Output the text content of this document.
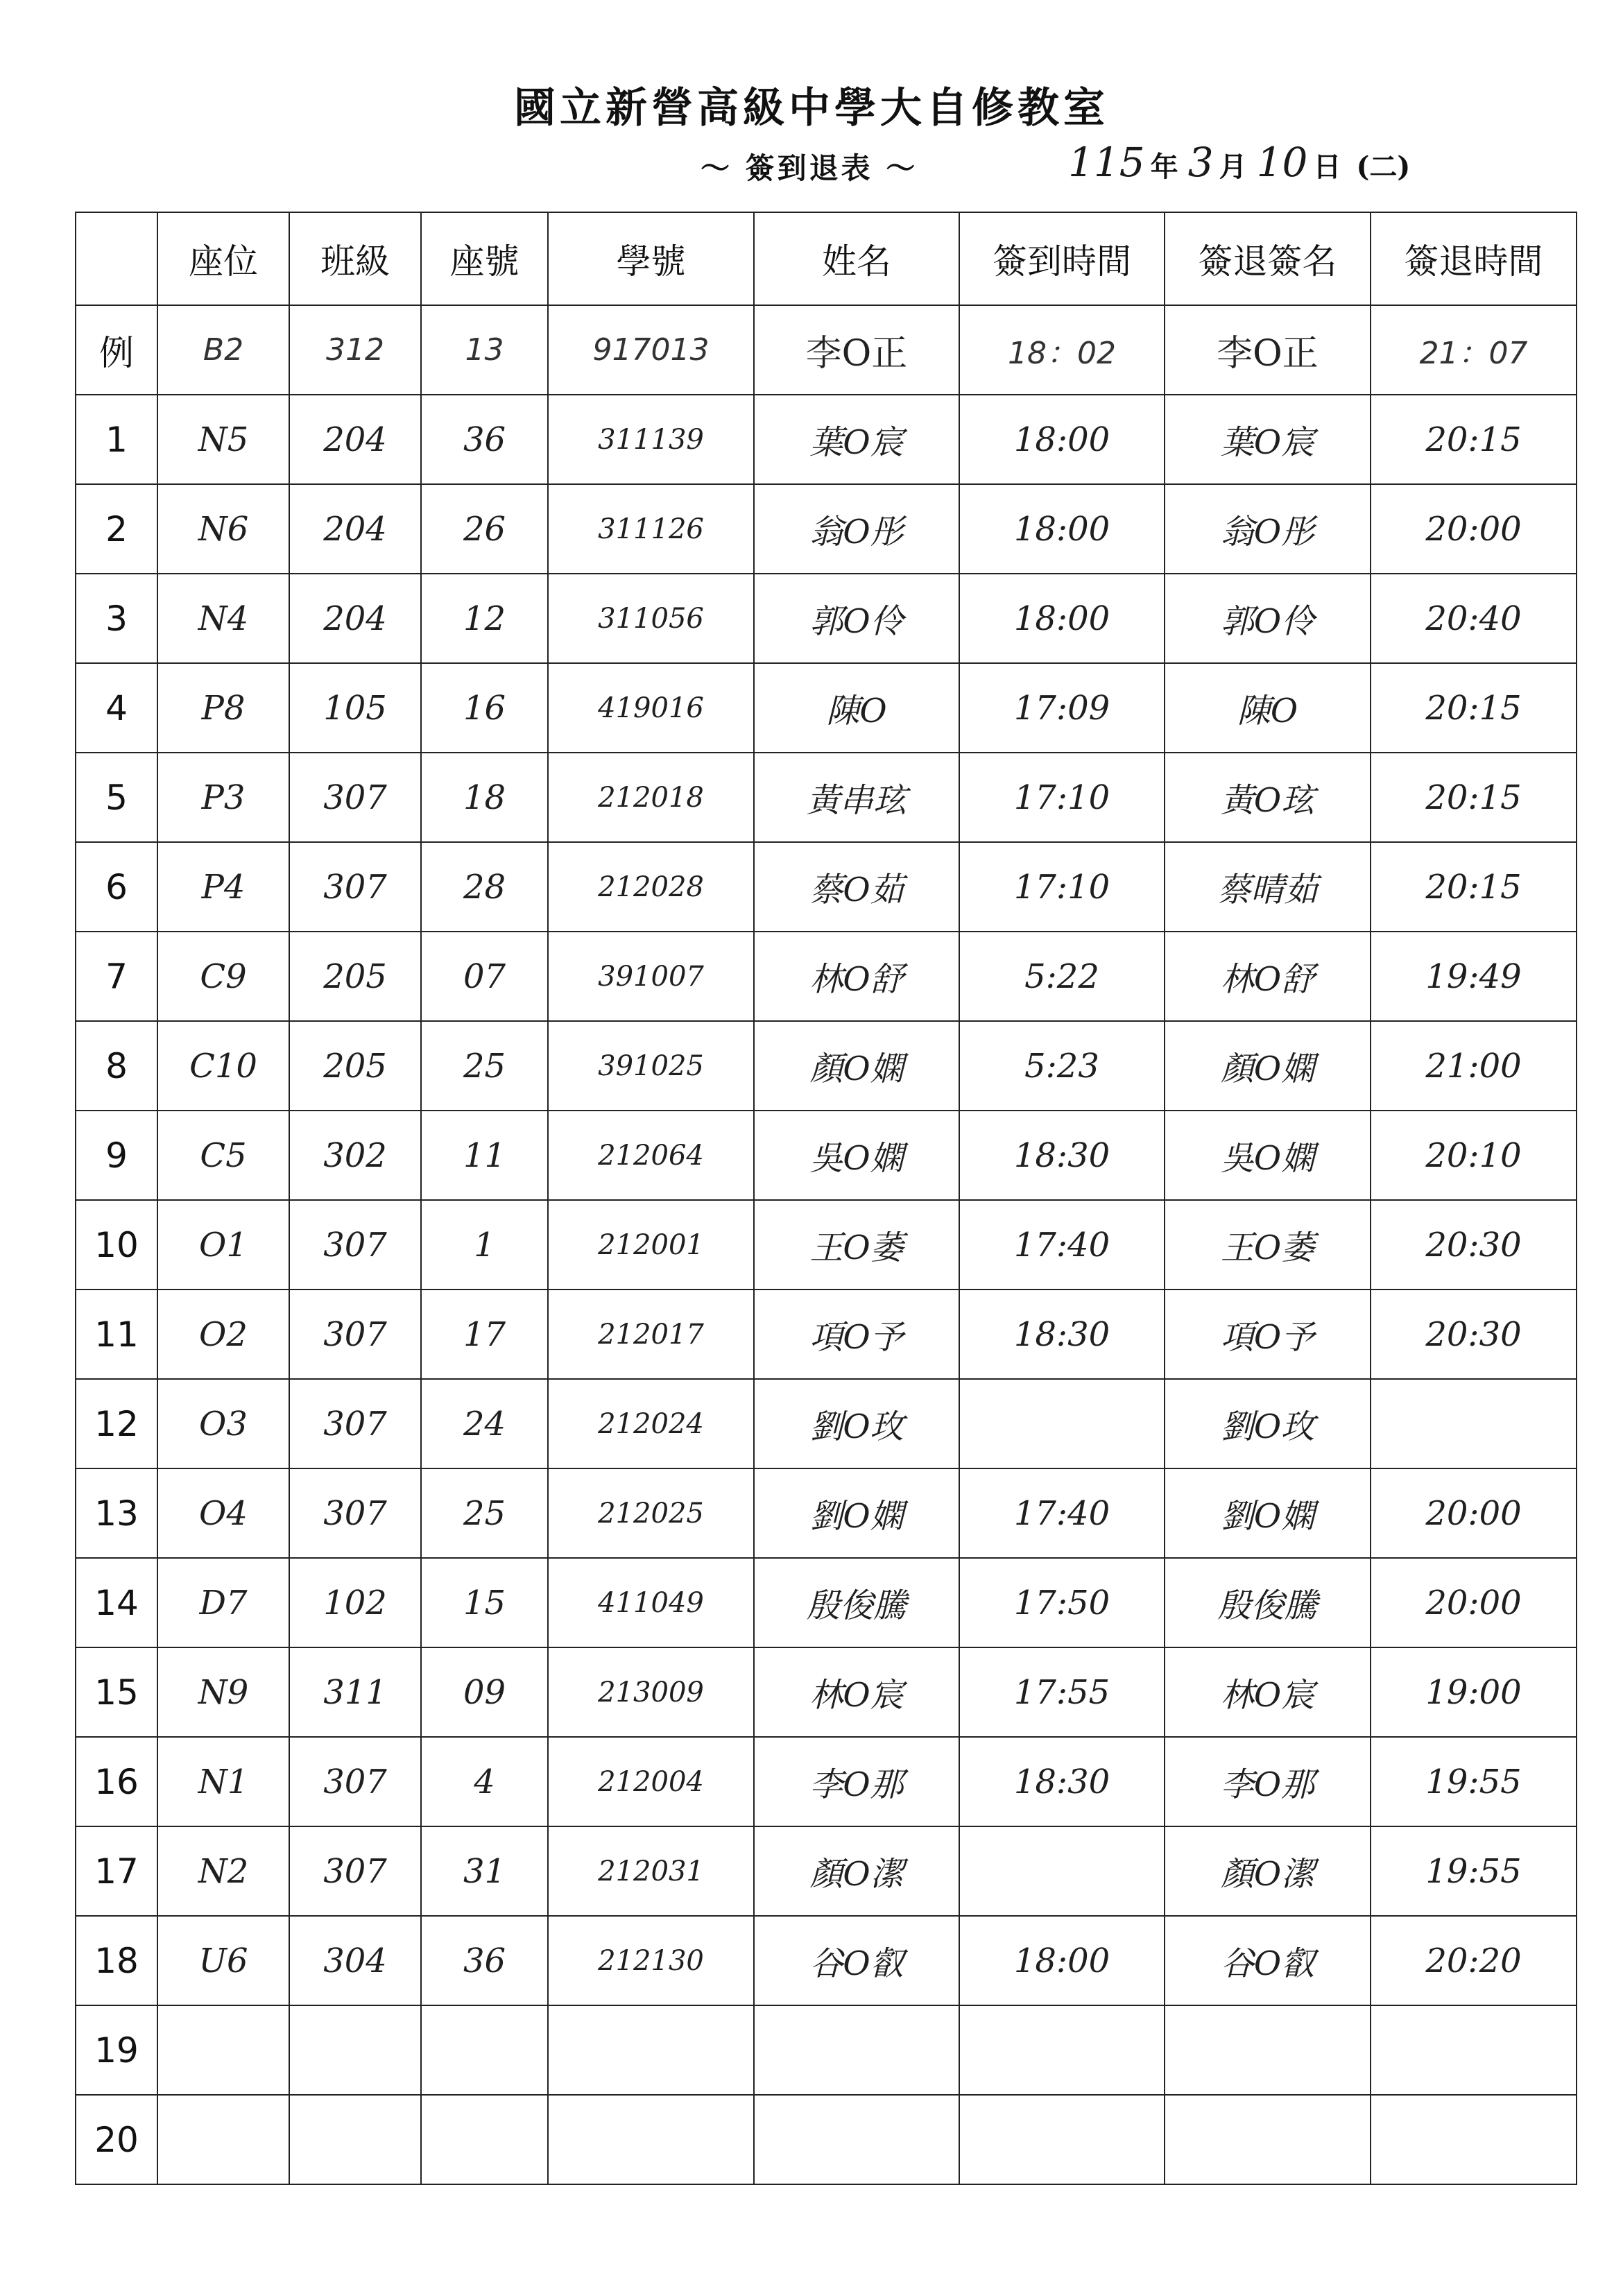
國立新營高級中學大自修教室
～ 簽到退表 ～	115 年 3 月 10 日 (二)
	座位	班級	座號	學號	姓名	簽到時間	簽退簽名	簽退時間
例	B2	312	13	917013	李O正	18：02	李O正	21：07
1	N5	204	36	311139	葉O宸	18:00	葉O宸	20:15
2	N6	204	26	311126	翁O彤	18:00	翁O彤	20:00
3	N4	204	12	311056	郭O伶	18:00	郭O伶	20:40
4	P8	105	16	419016	陳O	17:09	陳O	20:15
5	P3	307	18	212018	黃串玹	17:10	黃O玹	20:15
6	P4	307	28	212028	蔡O茹	17:10	蔡晴茹	20:15
7	C9	205	07	391007	林O舒	5:22	林O舒	19:49
8	C10	205	25	391025	顏O嫻	5:23	顏O嫻	21:00
9	C5	302	11	212064	吳O嫻	18:30	吳O嫻	20:10
10	O1	307	1	212001	王O萎	17:40	王O萎	20:30
11	O2	307	17	212017	項O予	18:30	項O予	20:30
12	O3	307	24	212024	劉O玫		劉O玫	
13	O4	307	25	212025	劉O嫻	17:40	劉O嫻	20:00
14	D7	102	15	411049	殷俊騰	17:50	殷俊騰	20:00
15	N9	311	09	213009	林O宸	17:55	林O宸	19:00
16	N1	307	4	212004	李O那	18:30	李O那	19:55
17	N2	307	31	212031	顏O潔		顏O潔	19:55
18	U6	304	36	212130	谷O叡	18:00	谷O叡	20:20
19								
20								
